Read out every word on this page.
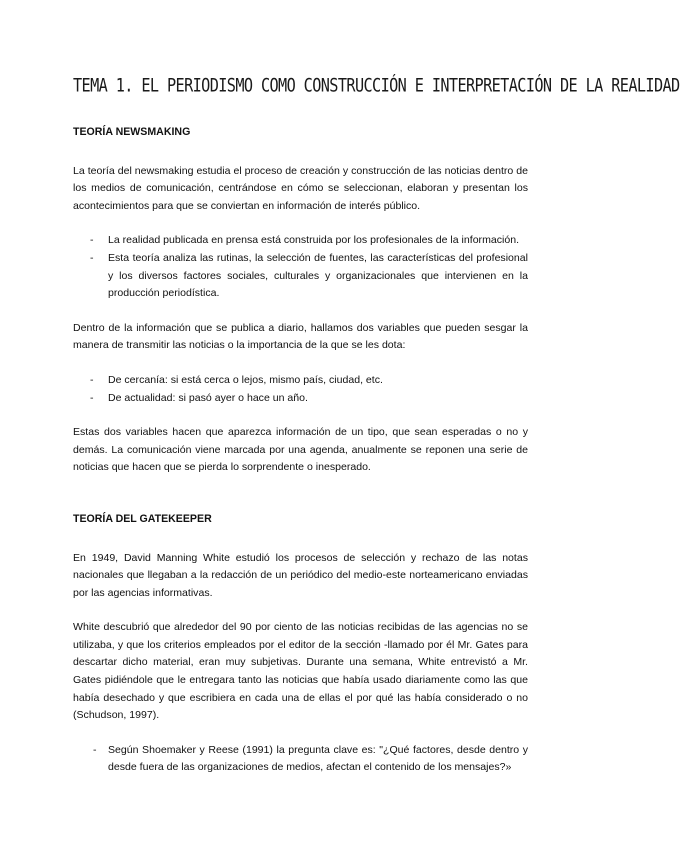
TEMA 1. EL PERIODISMO COMO CONSTRUCCIÓN E INTERPRETACIÓN DE LA REALIDAD
TEORÍA NEWSMAKING

La teoría del newsmaking estudia el proceso de creación y construcción de las noticias dentro de los medios de comunicación, centrándose en cómo se seleccionan, elaboran y presentan los acontecimientos para que se conviertan en información de interés público.

- La realidad publicada en prensa está construida por los profesionales de la información.
- Esta teoría analiza las rutinas, la selección de fuentes, las características del profesional y los diversos factores sociales, culturales y organizacionales que intervienen en la producción periodística.

Dentro de la información que se publica a diario, hallamos dos variables que pueden sesgar la manera de transmitir las noticias o la importancia de la que se les dota:

- De cercanía: si está cerca o lejos, mismo país, ciudad, etc.
- De actualidad: si pasó ayer o hace un año.

Estas dos variables hacen que aparezca información de un tipo, que sean esperadas o no y demás. La comunicación viene marcada por una agenda, anualmente se reponen una serie de noticias que hacen que se pierda lo sorprendente o inesperado.

TEORÍA DEL GATEKEEPER

En 1949, David Manning White estudió los procesos de selección y rechazo de las notas nacionales que llegaban a la redacción de un periódico del medio-este norteamericano enviadas por las agencias informativas.

White descubrió que alrededor del 90 por ciento de las noticias recibidas de las agencias no se utilizaba, y que los criterios empleados por el editor de la sección -llamado por él Mr. Gates para descartar dicho material, eran muy subjetivas. Durante una semana, White entrevistó a Mr. Gates pidiéndole que le entregara tanto las noticias que había usado diariamente como las que había desechado y que escribiera en cada una de ellas el por qué las había considerado o no (Schudson, 1997).

- Según Shoemaker y Reese (1991) la pregunta clave es: "¿Qué factores, desde dentro y desde fuera de las organizaciones de medios, afectan el contenido de los mensajes?»
